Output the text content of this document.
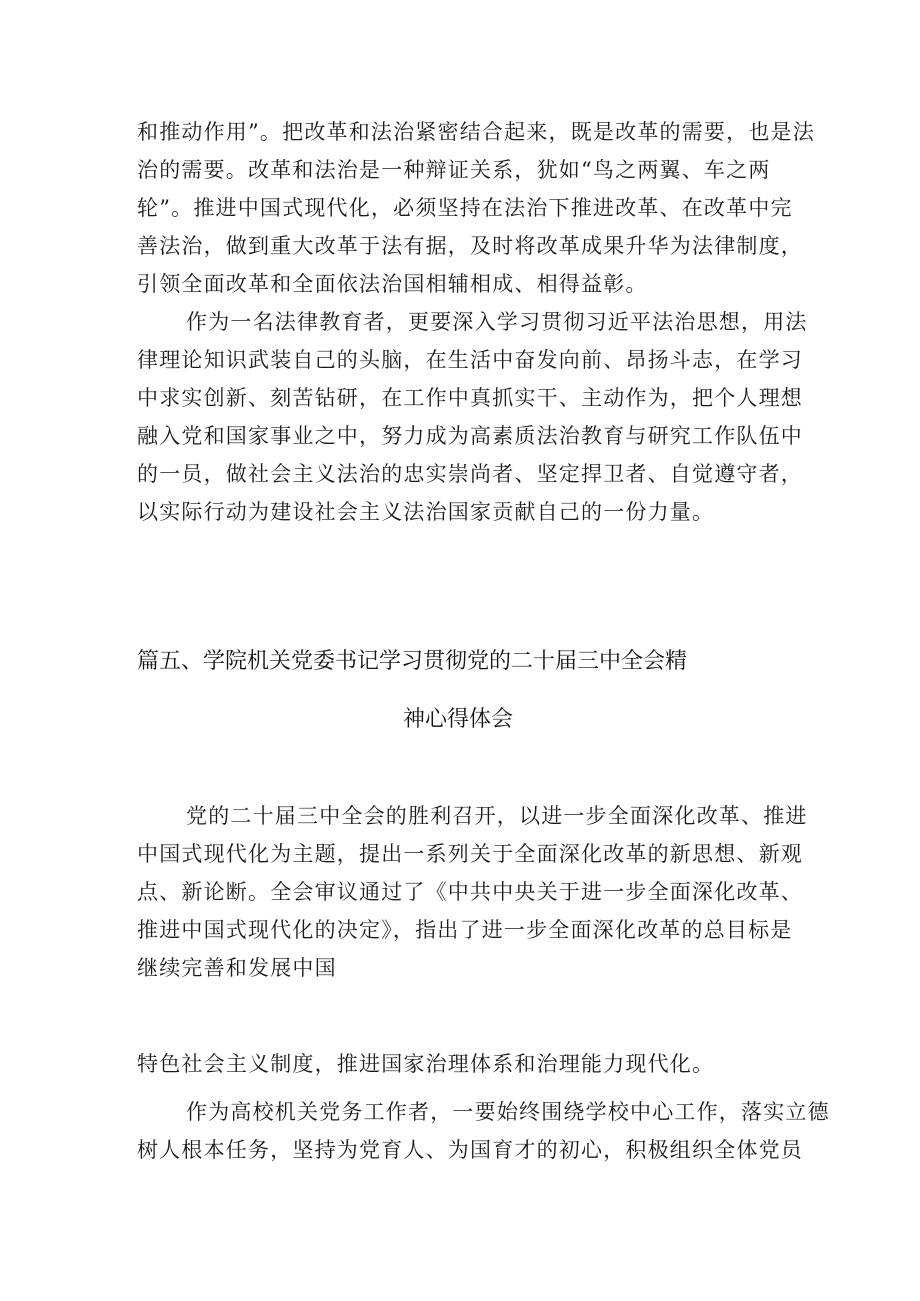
和推动作用”。把改革和法治紧密结合起来，既是改革的需要，也是法
治的需要。改革和法治是一种辩证关系，犹如“鸟之两翼、车之两
轮”。推进中国式现代化，必须坚持在法治下推进改革、在改革中完
善法治，做到重大改革于法有据，及时将改革成果升华为法律制度，
引领全面改革和全面依法治国相辅相成、相得益彰。
作为一名法律教育者，更要深入学习贯彻习近平法治思想，用法
律理论知识武装自己的头脑，在生活中奋发向前、昂扬斗志，在学习
中求实创新、刻苦钻研，在工作中真抓实干、主动作为，把个人理想
融入党和国家事业之中，努力成为高素质法治教育与研究工作队伍中
的一员，做社会主义法治的忠实崇尚者、坚定捍卫者、自觉遵守者，
以实际行动为建设社会主义法治国家贡献自己的一份力量。
篇五、学院机关党委书记学习贯彻党的二十届三中全会精
神心得体会
党的二十届三中全会的胜利召开，以进一步全面深化改革、推进
中国式现代化为主题，提出一系列关于全面深化改革的新思想、新观
点、新论断。全会审议通过了《中共中央关于进一步全面深化改革、
推进中国式现代化的决定》，指出了进一步全面深化改革的总目标是
继续完善和发展中国
特色社会主义制度，推进国家治理体系和治理能力现代化。
作为高校机关党务工作者，一要始终围绕学校中心工作，落实立德
树人根本任务，坚持为党育人、为国育才的初心，积极组织全体党员
